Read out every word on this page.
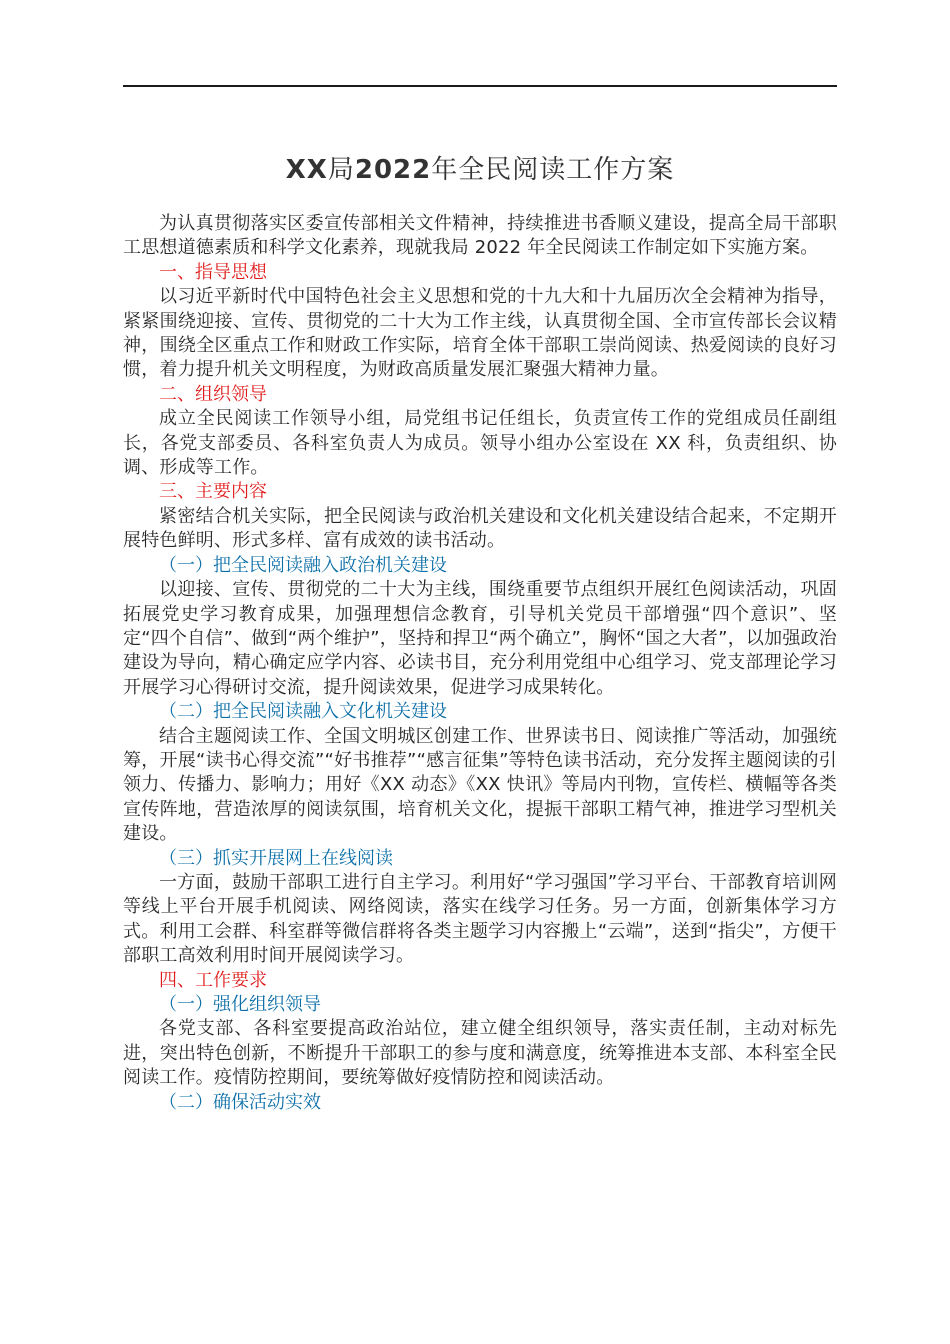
XX局2022年全民阅读工作方案

为认真贯彻落实区委宣传部相关文件精神，持续推进书香顺义建设，提高全局干部职工思想道德素质和科学文化素养，现就我局 2022 年全民阅读工作制定如下实施方案。

一、指导思想

以习近平新时代中国特色社会主义思想和党的十九大和十九届历次全会精神为指导，紧紧围绕迎接、宣传、贯彻党的二十大为工作主线，认真贯彻全国、全市宣传部长会议精神，围绕全区重点工作和财政工作实际，培育全体干部职工崇尚阅读、热爱阅读的良好习惯，着力提升机关文明程度，为财政高质量发展汇聚强大精神力量。

二、组织领导

成立全民阅读工作领导小组，局党组书记任组长，负责宣传工作的党组成员任副组长，各党支部委员、各科室负责人为成员。领导小组办公室设在 XX 科，负责组织、协调、形成等工作。

三、主要内容

紧密结合机关实际，把全民阅读与政治机关建设和文化机关建设结合起来，不定期开展特色鲜明、形式多样、富有成效的读书活动。

（一）把全民阅读融入政治机关建设

以迎接、宣传、贯彻党的二十大为主线，围绕重要节点组织开展红色阅读活动，巩固拓展党史学习教育成果，加强理想信念教育，引导机关党员干部增强“四个意识”、坚定“四个自信”、做到“两个维护”，坚持和捍卫“两个确立”，胸怀“国之大者”，以加强政治建设为导向，精心确定应学内容、必读书目，充分利用党组中心组学习、党支部理论学习开展学习心得研讨交流，提升阅读效果，促进学习成果转化。

（二）把全民阅读融入文化机关建设

结合主题阅读工作、全国文明城区创建工作、世界读书日、阅读推广等活动，加强统筹，开展“读书心得交流”“好书推荐”“感言征集”等特色读书活动，充分发挥主题阅读的引领力、传播力、影响力；用好《XX 动态》《XX 快讯》等局内刊物，宣传栏、横幅等各类宣传阵地，营造浓厚的阅读氛围，培育机关文化，提振干部职工精气神，推进学习型机关建设。

（三）抓实开展网上在线阅读

一方面，鼓励干部职工进行自主学习。利用好“学习强国”学习平台、干部教育培训网等线上平台开展手机阅读、网络阅读，落实在线学习任务。另一方面，创新集体学习方式。利用工会群、科室群等微信群将各类主题学习内容搬上“云端”，送到“指尖”，方便干部职工高效利用时间开展阅读学习。

四、工作要求

（一）强化组织领导

各党支部、各科室要提高政治站位，建立健全组织领导，落实责任制，主动对标先进，突出特色创新，不断提升干部职工的参与度和满意度，统筹推进本支部、本科室全民阅读工作。疫情防控期间，要统筹做好疫情防控和阅读活动。

（二）确保活动实效
